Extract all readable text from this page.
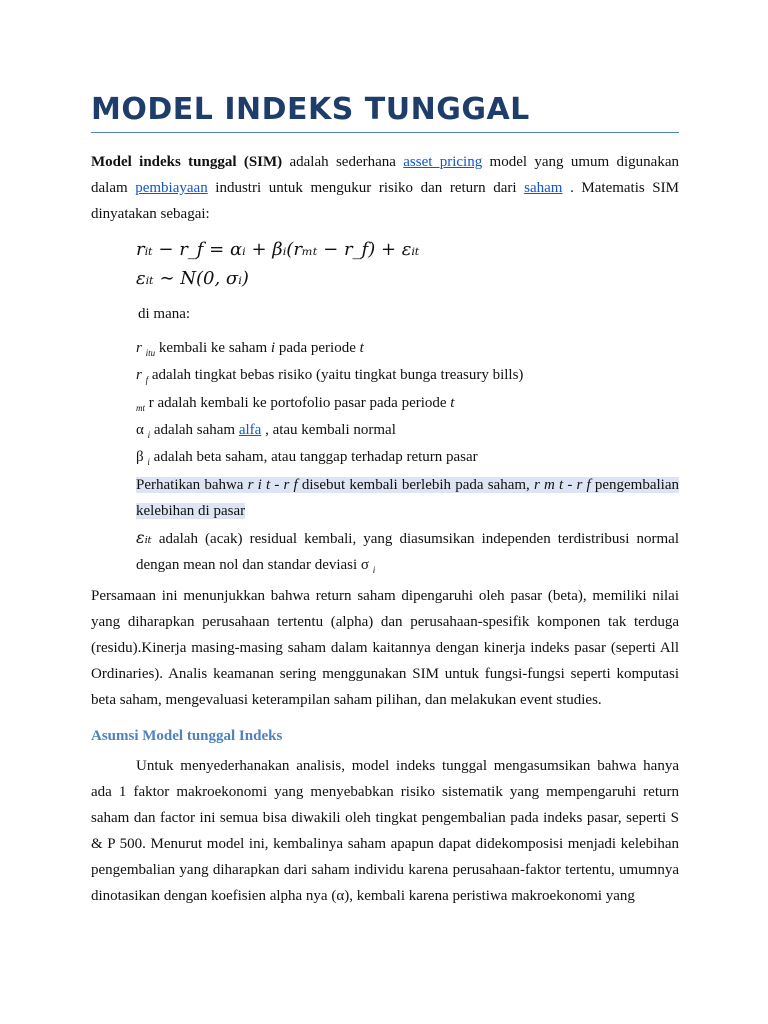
MODEL INDEKS TUNGGAL
Model indeks tunggal (SIM) adalah sederhana asset pricing model yang umum digunakan dalam pembiayaan industri untuk mengukur risiko dan return dari saham . Matematis SIM dinyatakan sebagai:
rᵢₜ − r_f = αᵢ + βᵢ(rₘₜ − r_f) + εᵢₜ
εᵢₜ ∼ N(0, σᵢ)
di mana:
r $_{itu}$ kembali ke saham i pada periode t
r $_f$ adalah tingkat bebas risiko (yaitu tingkat bunga treasury bills)
$_{mt}$ r adalah kembali ke portofolio pasar pada periode t
α $_i$ adalah saham alfa , atau kembali normal
β $_i$ adalah beta saham, atau tanggap terhadap return pasar
Perhatikan bahwa r i t - r f disebut kembali berlebih pada saham, r m t - r f pengembalian kelebihan di pasar
εᵢₜ adalah (acak) residual kembali, yang diasumsikan independen terdistribusi normal dengan mean nol dan standar deviasi σ $_i$
Persamaan ini menunjukkan bahwa return saham dipengaruhi oleh pasar (beta), memiliki nilai yang diharapkan perusahaan tertentu (alpha) dan perusahaan-spesifik komponen tak terduga (residu).Kinerja masing-masing saham dalam kaitannya dengan kinerja indeks pasar (seperti All Ordinaries). Analis keamanan sering menggunakan SIM untuk fungsi-fungsi seperti komputasi beta saham, mengevaluasi keterampilan saham pilihan, dan melakukan event studies.
Asumsi Model tunggal Indeks
Untuk menyederhanakan analisis, model indeks tunggal mengasumsikan bahwa hanya ada 1 faktor makroekonomi yang menyebabkan risiko sistematik yang mempengaruhi return saham dan factor ini semua bisa diwakili oleh tingkat pengembalian pada indeks pasar, seperti S & P 500. Menurut model ini, kembalinya saham apapun dapat didekomposisi menjadi kelebihan pengembalian yang diharapkan dari saham individu karena perusahaan-faktor tertentu, umumnya dinotasikan dengan koefisien alpha nya (α), kembali karena peristiwa makroekonomi yang
